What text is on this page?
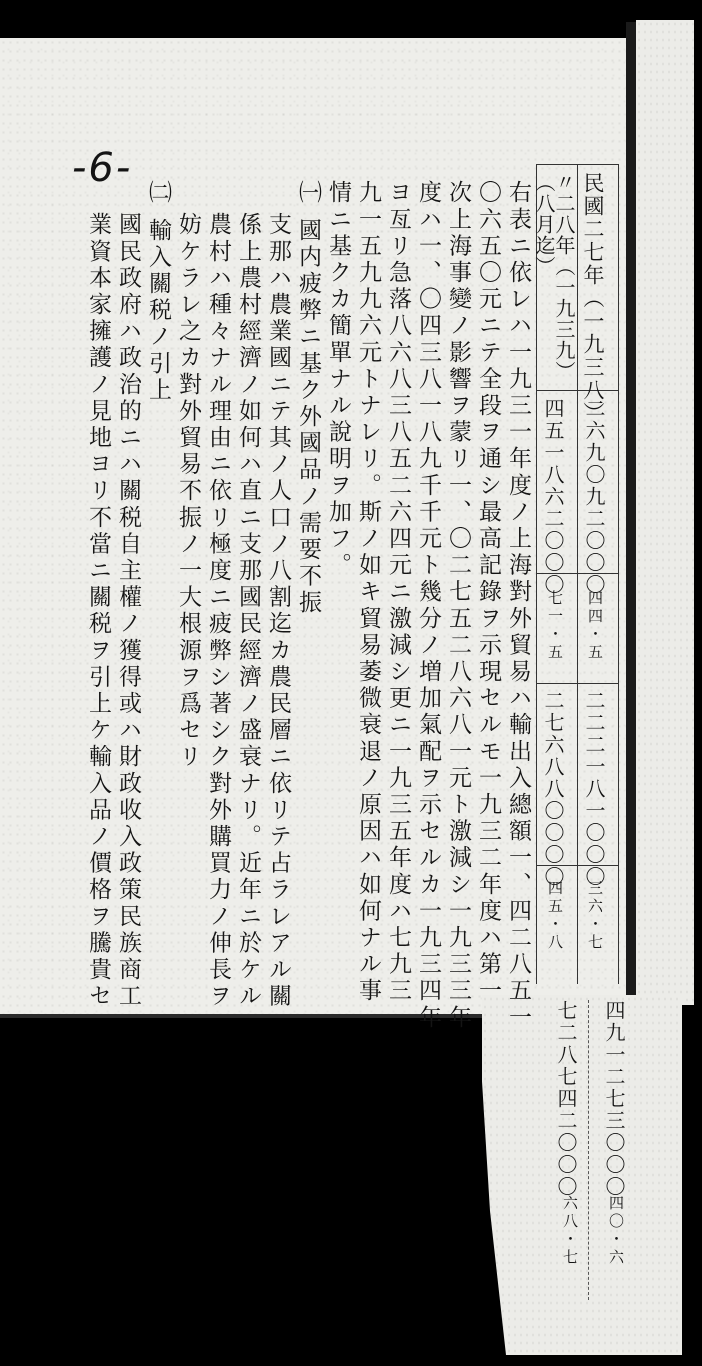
-6-
民國二七年（一九三八）
二六九〇九二〇〇〇
四四・五
二二二一八一〇〇〇
三六・七
〃二八年（一九三九）（八月迄）
四五一八六二〇〇〇
七一・五
二七六八八〇〇〇〇
四五・八
四九一二七三〇〇〇
四〇・六
七二八七四二〇〇〇
六八・七
右表ニ依レハ一九三一年度ノ上海對外貿易ハ輸出入總額一、四二八五一
〇六五〇元ニテ全段ヲ通シ最高記錄ヲ示現セルモ一九三二年度ハ第一
次上海事變ノ影響ヲ蒙リ一、〇二七五二八六八一元ト激減シ一九三三年
度ハ一、〇四三八一八九千千元ト幾分ノ増加氣配ヲ示セルカ一九三四年
ヨ亙リ急落八六八三八五二六四元ニ激減シ更ニ一九三五年度ハ七九三
九一五九九六元トナレリ。斯ノ如キ貿易萎微衰退ノ原因ハ如何ナル事
情ニ基クカ簡單ナル說明ヲ加フ。
㈠ 國内疲弊ニ基ク外國品ノ需要不振
支那ハ農業國ニテ其ノ人口ノ八割迄カ農民層ニ依リテ占ラレアル關
係上農村經濟ノ如何ハ直ニ支那國民經濟ノ盛衰ナリ。近年ニ於ケル
農村ハ種々ナル理由ニ依リ極度ニ疲弊シ著シク對外購買力ノ伸長ヲ
妨ケラレ之カ對外貿易不振ノ一大根源ヲ爲セリ
㈡ 輸入關税ノ引上
國民政府ハ政治的ニハ關税自主權ノ獲得或ハ財政收入政策民族商工
業資本家擁護ノ見地ヨリ不當ニ關税ヲ引上ケ輸入品ノ價格ヲ騰貴セ
